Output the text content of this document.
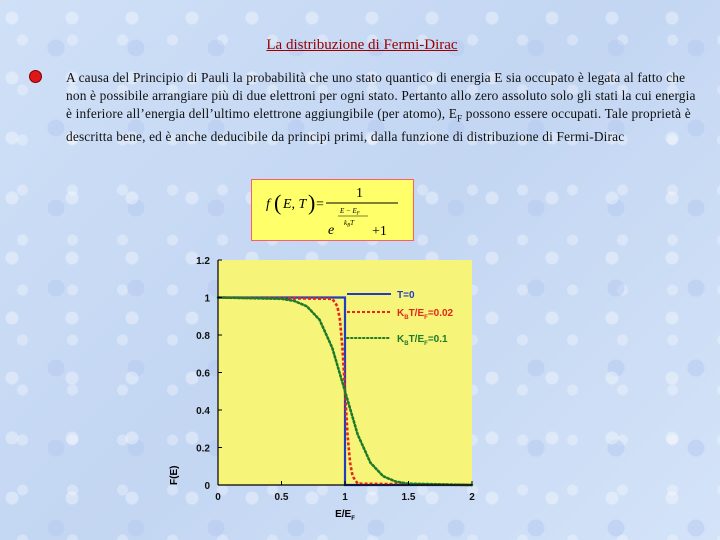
La distribuzione di Fermi-Dirac

A causa del Principio di Pauli la probabilità che uno stato quantico di energia E sia occupato è legata al fatto che non è possibile arrangiare più di due elettroni per ogni stato. Pertanto allo zero assoluto solo gli stati la cui energia è inferiore all’energia dell’ultimo elettrone aggiungibile (per atomo), $E_F$ possono essere occupati. Tale proprietà è descritta bene, ed è anche deducibile da principi primi, dalla funzione di distribuzione di Fermi-Dirac

f ( E, T ) =
1
$E - E_F$
$k_BT$
e	+1
0
0.2
0.4
0.6
0.8
1
1.2
0	0.5	1	1.5	2
T=0
$K_BT/E_F=0.02$
$K_BT/E_F=0.1$
$E/E_F$
F(E)
